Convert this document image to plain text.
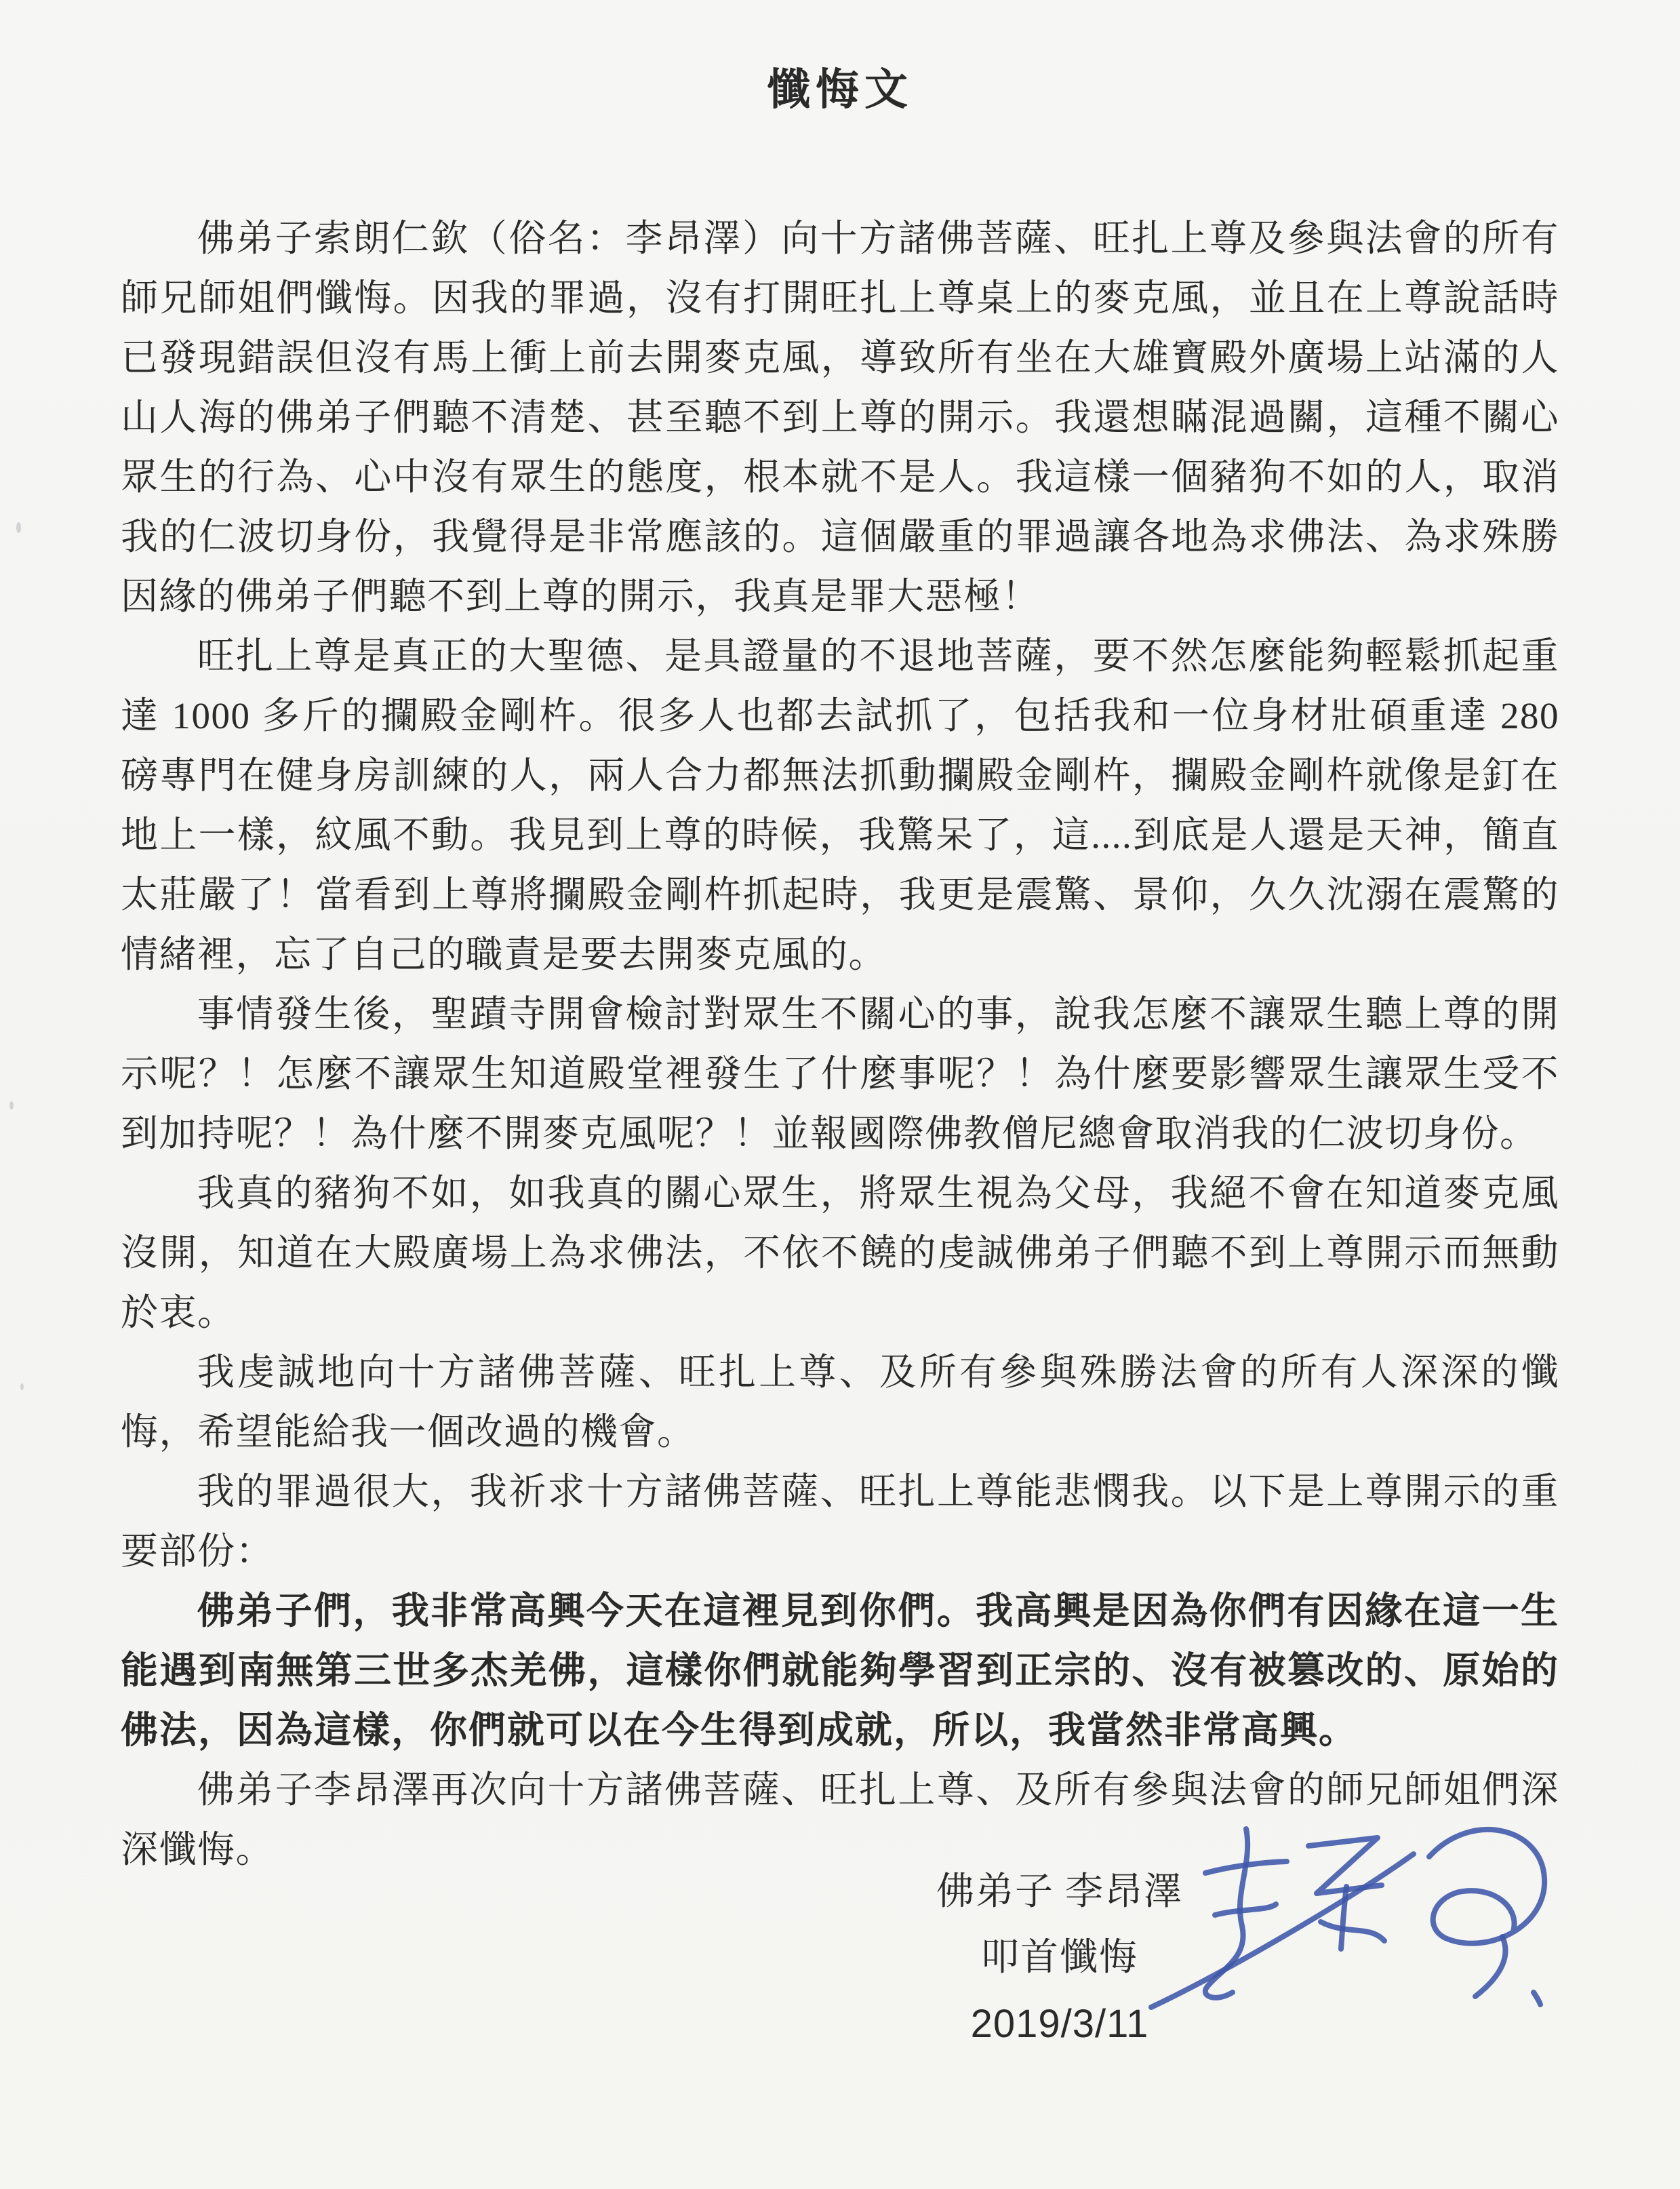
懺悔文

佛弟子索朗仁欽（俗名：李昂澤）向十方諸佛菩薩、旺扎上尊及參與法會的所有師兄師姐們懺悔。因我的罪過，沒有打開旺扎上尊桌上的麥克風，並且在上尊說話時已發現錯誤但沒有馬上衝上前去開麥克風，導致所有坐在大雄寶殿外廣場上站滿的人山人海的佛弟子們聽不清楚、甚至聽不到上尊的開示。我還想瞞混過關，這種不關心眾生的行為、心中沒有眾生的態度，根本就不是人。我這樣一個豬狗不如的人，取消我的仁波切身份，我覺得是非常應該的。這個嚴重的罪過讓各地為求佛法、為求殊勝因緣的佛弟子們聽不到上尊的開示，我真是罪大惡極！

旺扎上尊是真正的大聖德、是具證量的不退地菩薩，要不然怎麼能夠輕鬆抓起重達 1000 多斤的攔殿金剛杵。很多人也都去試抓了，包括我和一位身材壯碩重達 280 磅專門在健身房訓練的人，兩人合力都無法抓動攔殿金剛杵，攔殿金剛杵就像是釘在地上一樣，紋風不動。我見到上尊的時候，我驚呆了，這....到底是人還是天神，簡直太莊嚴了！當看到上尊將攔殿金剛杵抓起時，我更是震驚、景仰，久久沈溺在震驚的情緒裡，忘了自己的職責是要去開麥克風的。

事情發生後，聖蹟寺開會檢討對眾生不關心的事，說我怎麼不讓眾生聽上尊的開示呢？！怎麼不讓眾生知道殿堂裡發生了什麼事呢？！為什麼要影響眾生讓眾生受不到加持呢？！為什麼不開麥克風呢？！並報國際佛教僧尼總會取消我的仁波切身份。

我真的豬狗不如，如我真的關心眾生，將眾生視為父母，我絕不會在知道麥克風沒開，知道在大殿廣場上為求佛法，不依不饒的虔誠佛弟子們聽不到上尊開示而無動於衷。

我虔誠地向十方諸佛菩薩、旺扎上尊、及所有參與殊勝法會的所有人深深的懺悔，希望能給我一個改過的機會。

我的罪過很大，我祈求十方諸佛菩薩、旺扎上尊能悲憫我。以下是上尊開示的重要部份：

佛弟子們，我非常高興今天在這裡見到你們。我高興是因為你們有因緣在這一生能遇到南無第三世多杰羌佛，這樣你們就能夠學習到正宗的、沒有被篡改的、原始的佛法，因為這樣，你們就可以在今生得到成就，所以，我當然非常高興。

佛弟子李昂澤再次向十方諸佛菩薩、旺扎上尊、及所有參與法會的師兄師姐們深深懺悔。

佛弟子 李昂澤
叩首懺悔
2019/3/11
